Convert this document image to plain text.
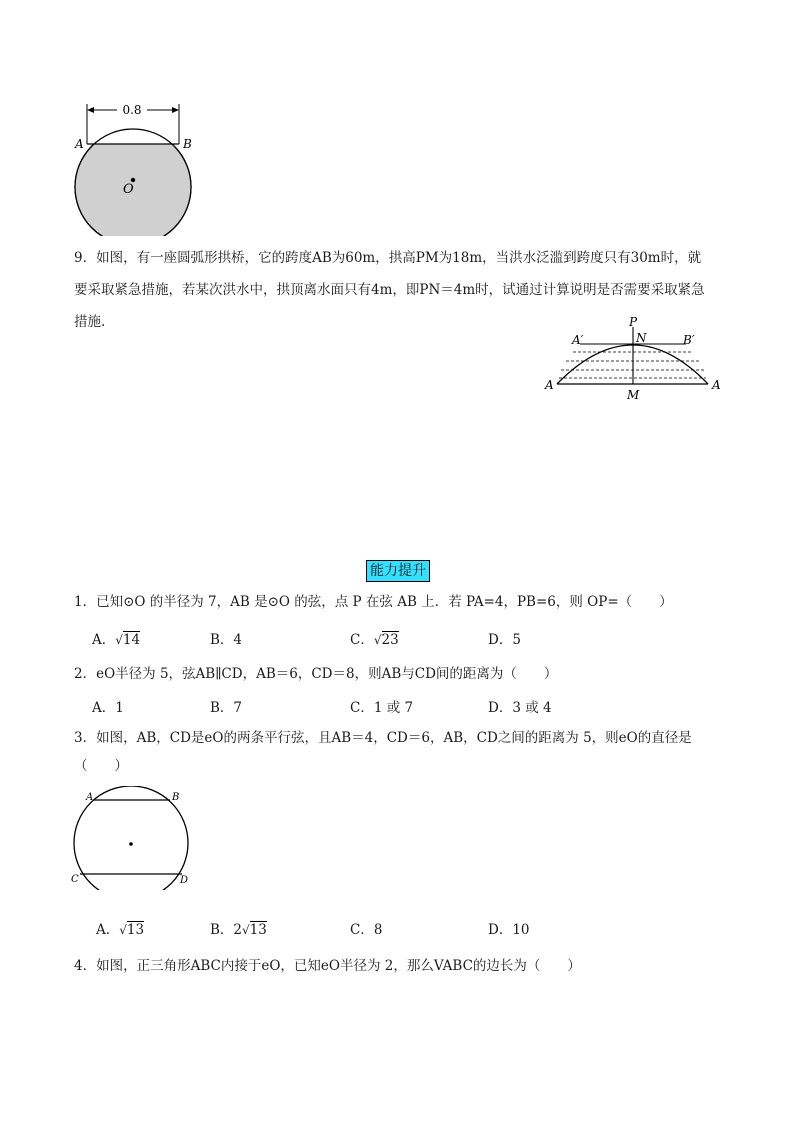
0.8
A	B
O
9．如图，有一座圆弧形拱桥，它的跨度AB为60m，拱高PM为18m，当洪水泛滥到跨度只有30m时，就
要采取紧急措施，若某次洪水中，拱顶离水面只有4m，即PN＝4m时，试通过计算说明是否需要采取紧急
措施.	P
N
A′	B′
A	A
M
能力提升
1．已知⊙O 的半径为 7，AB 是⊙O 的弦，点 P 在弦 AB 上．若 PA=4，PB=6，则 OP=（　　）
A．√14	B．4	C．√23	D．5
2．eO半径为 5，弦AB∥CD，AB＝6，CD＝8，则AB与CD间的距离为（　　）
A．1	B．7	C．1 或 7	D．3 或 4
3．如图，AB，CD是eO的两条平行弦，且AB＝4，CD＝6，AB，CD之间的距离为 5，则eO的直径是
（　　）
A	B
C	D
A．√13	B．2√13	C．8	D．10
4．如图，正三角形ABC内接于eO，已知eO半径为 2，那么VABC的边长为（　　）
